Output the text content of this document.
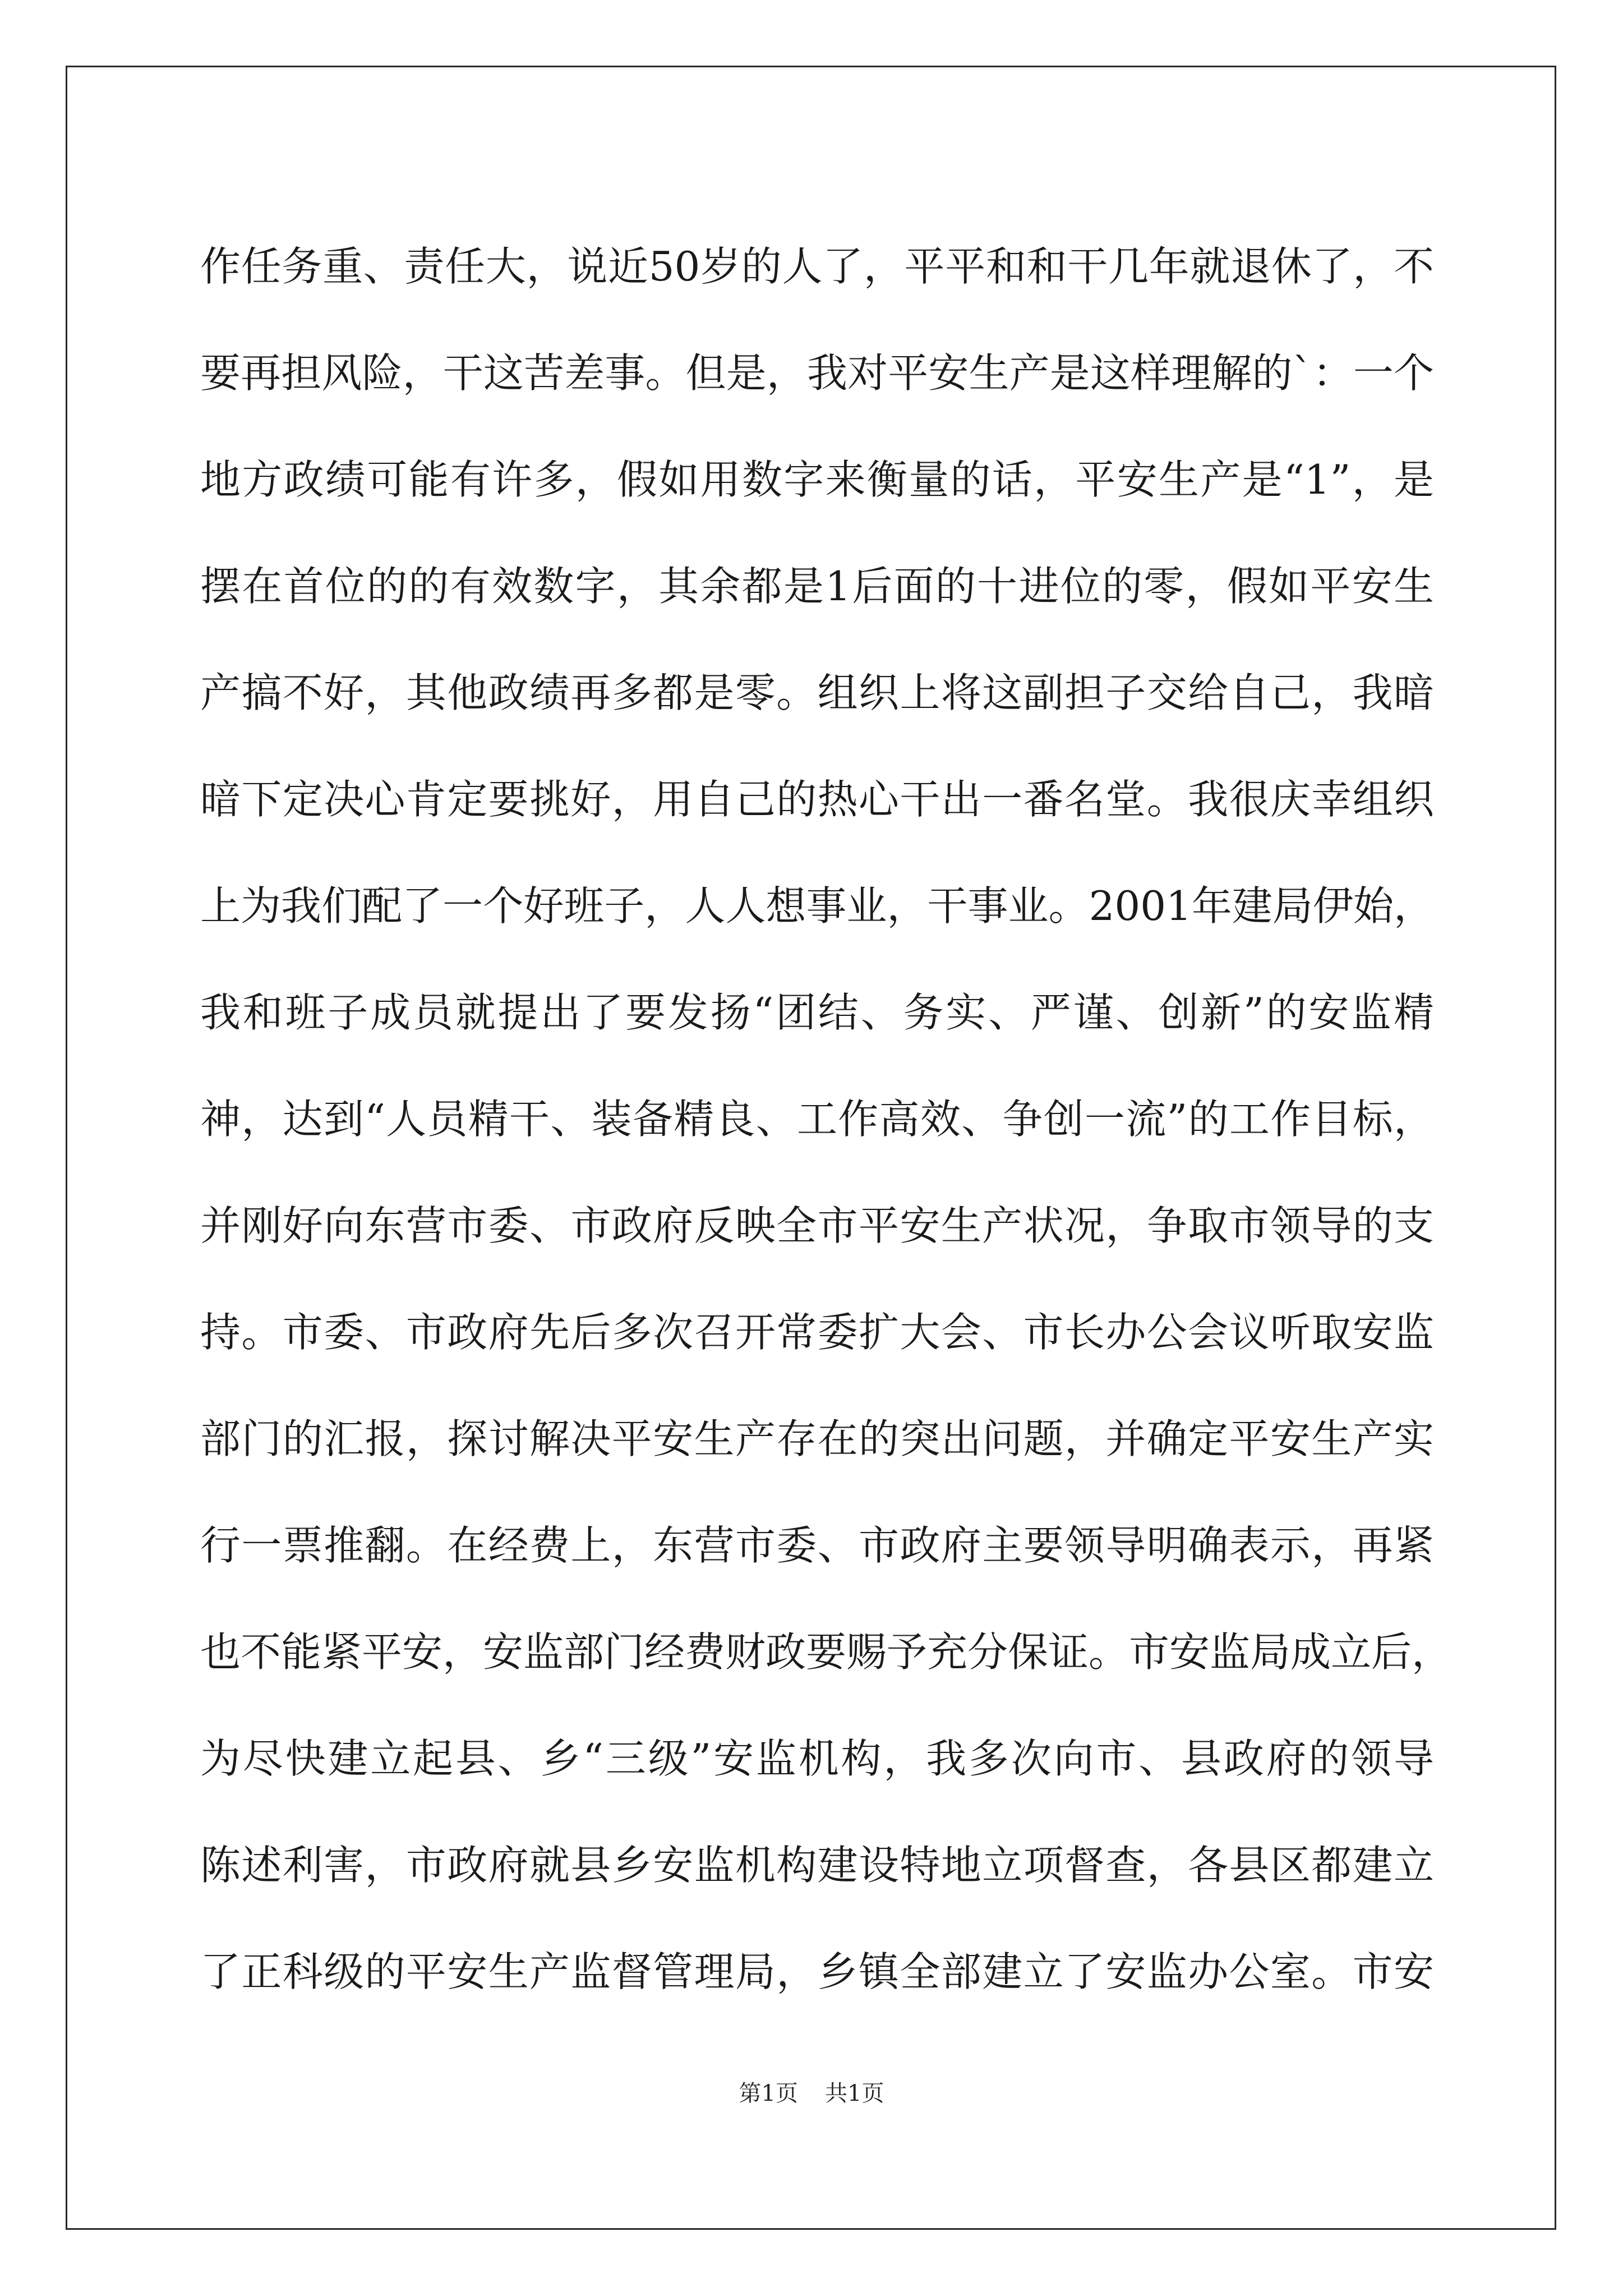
作任务重、责任大，说近50岁的人了，平平和和干几年就退休了，不
要再担风险，干这苦差事。但是，我对平安生产是这样理解的`：一个
地方政绩可能有许多，假如用数字来衡量的话，平安生产是“1”，是
摆在首位的的有效数字，其余都是1后面的十进位的零，假如平安生
产搞不好，其他政绩再多都是零。组织上将这副担子交给自己，我暗
暗下定决心肯定要挑好，用自己的热心干出一番名堂。我很庆幸组织
上为我们配了一个好班子，人人想事业，干事业。2001年建局伊始，
我和班子成员就提出了要发扬“团结、务实、严谨、创新”的安监精
神，达到“人员精干、装备精良、工作高效、争创一流”的工作目标，
并刚好向东营市委、市政府反映全市平安生产状况，争取市领导的支
持。市委、市政府先后多次召开常委扩大会、市长办公会议听取安监
部门的汇报，探讨解决平安生产存在的突出问题，并确定平安生产实
行一票推翻。在经费上，东营市委、市政府主要领导明确表示，再紧
也不能紧平安，安监部门经费财政要赐予充分保证。市安监局成立后，
为尽快建立起县、乡“三级”安监机构，我多次向市、县政府的领导
陈述利害，市政府就县乡安监机构建设特地立项督查，各县区都建立
了正科级的平安生产监督管理局，乡镇全部建立了安监办公室。市安
第1页 共1页
